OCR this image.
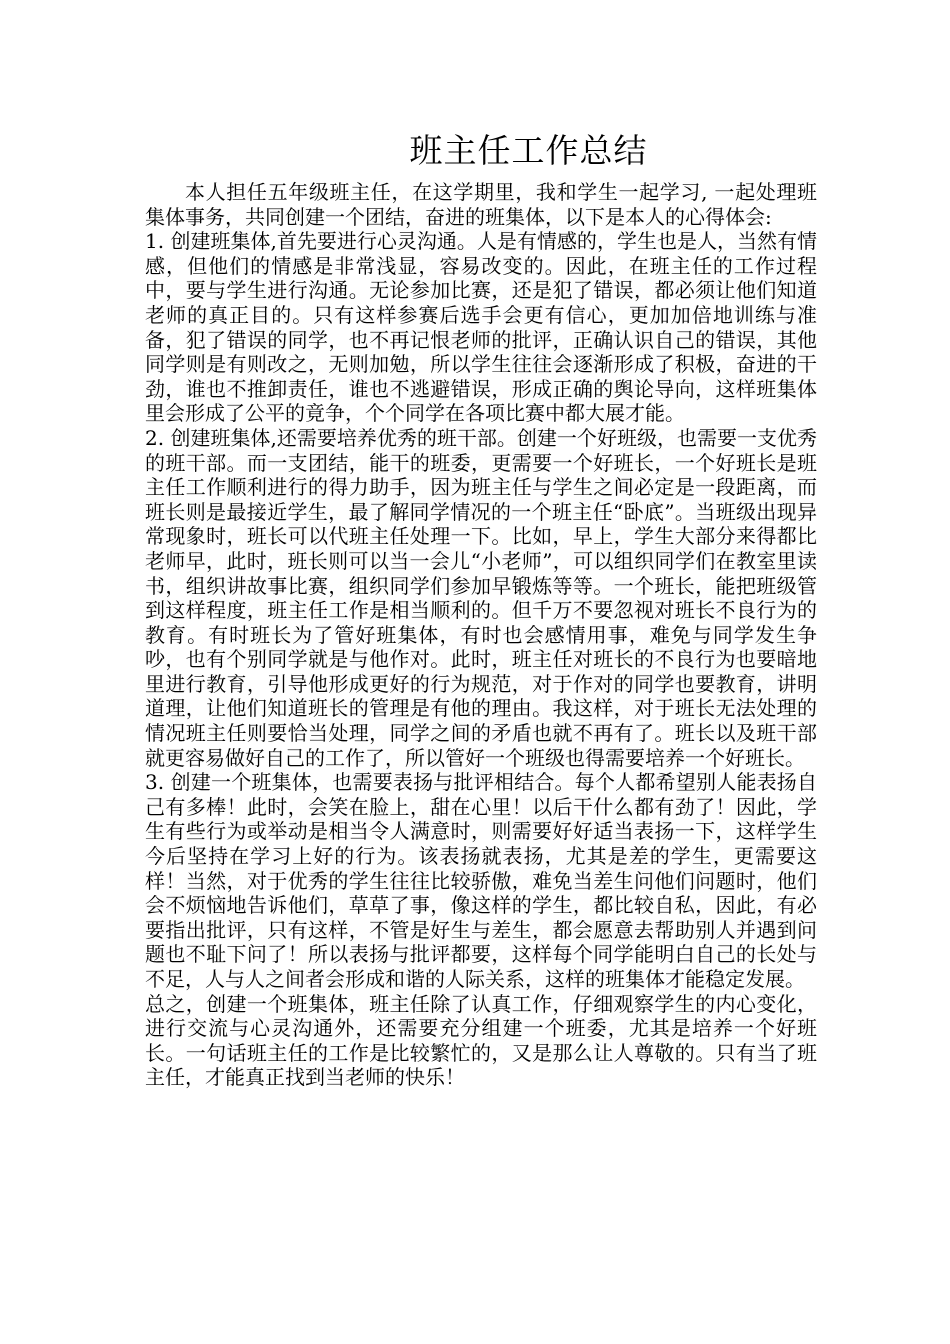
班主任工作总结

本人担任五年级班主任，在这学期里，我和学生一起学习, 一起处理班集体事务，共同创建一个团结，奋进的班集体，以下是本人的心得体会:

1. 创建班集体,首先要进行心灵沟通。人是有情感的，学生也是人，当然有情感，但他们的情感是非常浅显，容易改变的。因此，在班主任的工作过程中，要与学生进行沟通。无论参加比赛，还是犯了错误，都必须让他们知道老师的真正目的。只有这样参赛后选手会更有信心，更加加倍地训练与准备，犯了错误的同学，也不再记恨老师的批评，正确认识自己的错误，其他同学则是有则改之，无则加勉，所以学生往往会逐渐形成了积极，奋进的干劲，谁也不推卸责任，谁也不逃避错误，形成正确的舆论导向，这样班集体里会形成了公平的竟争，个个同学在各项比赛中都大展才能。

2. 创建班集体,还需要培养优秀的班干部。创建一个好班级，也需要一支优秀的班干部。而一支团结，能干的班委，更需要一个好班长，一个好班长是班主任工作顺利进行的得力助手，因为班主任与学生之间必定是一段距离，而班长则是最接近学生，最了解同学情况的一个班主任“卧底”。当班级出现异常现象时，班长可以代班主任处理一下。比如，早上，学生大部分来得都比老师早，此时，班长则可以当一会儿“小老师”，可以组织同学们在教室里读书，组织讲故事比赛，组织同学们参加早锻炼等等。一个班长，能把班级管到这样程度，班主任工作是相当顺利的。但千万不要忽视对班长不良行为的教育。有时班长为了管好班集体，有时也会感情用事，难免与同学发生争吵，也有个别同学就是与他作对。此时，班主任对班长的不良行为也要暗地里进行教育，引导他形成更好的行为规范，对于作对的同学也要教育，讲明道理，让他们知道班长的管理是有他的理由。我这样，对于班长无法处理的情况班主任则要恰当处理，同学之间的矛盾也就不再有了。班长以及班干部就更容易做好自己的工作了，所以管好一个班级也得需要培养一个好班长。

3. 创建一个班集体，也需要表扬与批评相结合。每个人都希望别人能表扬自己有多棒！此时，会笑在脸上，甜在心里！以后干什么都有劲了！因此，学生有些行为或举动是相当令人满意时，则需要好好适当表扬一下，这样学生今后坚持在学习上好的行为。该表扬就表扬，尤其是差的学生，更需要这样！当然，对于优秀的学生往往比较骄傲，难免当差生问他们问题时，他们会不烦恼地告诉他们，草草了事，像这样的学生，都比较自私，因此，有必要指出批评，只有这样，不管是好生与差生，都会愿意去帮助别人并遇到问题也不耻下问了！所以表扬与批评都要，这样每个同学能明白自己的长处与不足，人与人之间者会形成和谐的人际关系，这样的班集体才能稳定发展。

总之，创建一个班集体，班主任除了认真工作，仔细观察学生的内心变化，进行交流与心灵沟通外，还需要充分组建一个班委，尤其是培养一个好班长。一句话班主任的工作是比较繁忙的，又是那么让人尊敬的。只有当了班主任，才能真正找到当老师的快乐！
